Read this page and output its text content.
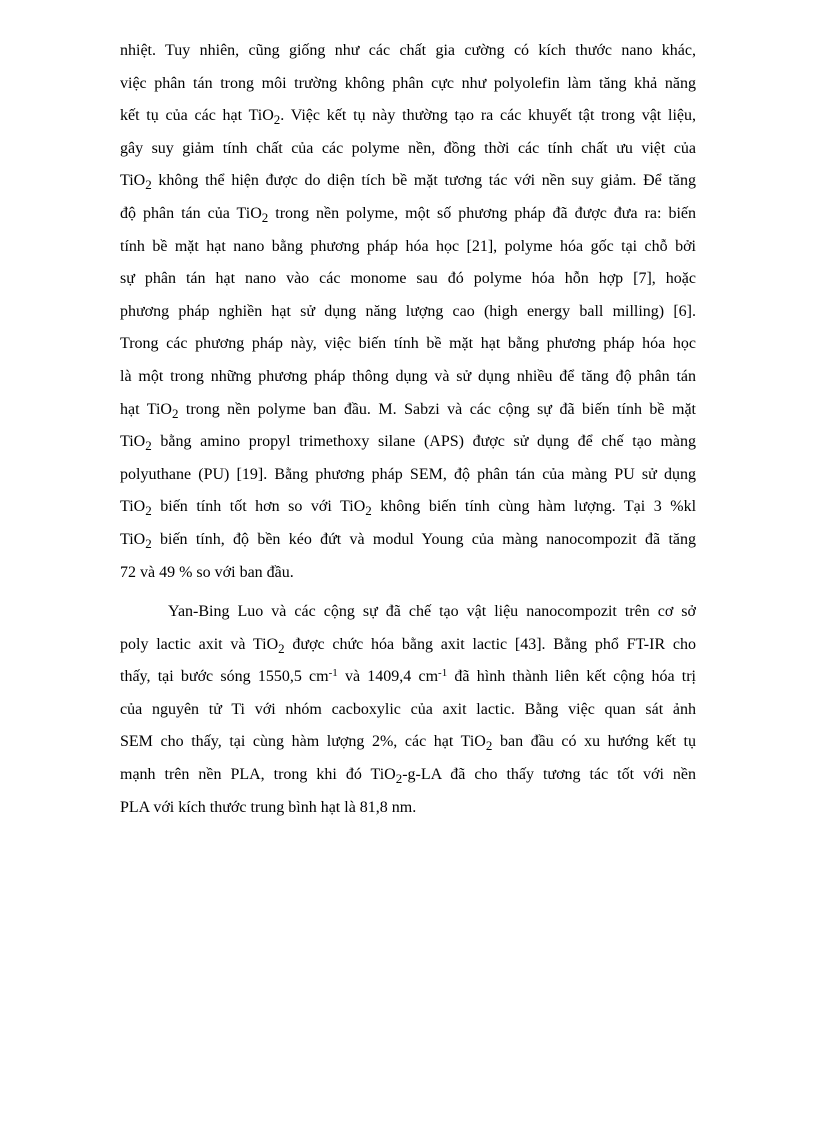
nhiệt. Tuy nhiên, cũng giống như các chất gia cường có kích thước nano khác,
việc phân tán trong môi trường không phân cực như polyolefin làm tăng khả năng
kết tụ của các hạt TiO$_2$. Việc kết tụ này thường tạo ra các khuyết tật trong vật liệu,
gây suy giảm tính chất của các polyme nền, đồng thời các tính chất ưu việt của
TiO$_2$ không thể hiện được do diện tích bề mặt tương tác với nền suy giảm. Để tăng
độ phân tán của TiO$_2$ trong nền polyme, một số phương pháp đã được đưa ra: biến
tính bề mặt hạt nano bằng phương pháp hóa học [21], polyme hóa gốc tại chỗ bởi
sự phân tán hạt nano vào các monome sau đó polyme hóa hỗn hợp [7], hoặc
phương pháp nghiền hạt sử dụng năng lượng cao (high energy ball milling) [6].
Trong các phương pháp này, việc biến tính bề mặt hạt bằng phương pháp hóa học
là một trong những phương pháp thông dụng và sử dụng nhiều để tăng độ phân tán
hạt TiO$_2$ trong nền polyme ban đầu. M. Sabzi và các cộng sự đã biến tính bề mặt
TiO$_2$ bằng amino propyl trimethoxy silane (APS) được sử dụng để chế tạo màng
polyuthane (PU) [19]. Bằng phương pháp SEM, độ phân tán của màng PU sử dụng
TiO$_2$ biến tính tốt hơn so với TiO$_2$ không biến tính cùng hàm lượng. Tại 3 %kl
TiO$_2$ biến tính, độ bền kéo đứt và modul Young của màng nanocompozit đã tăng
72 và 49 % so với ban đầu.
Yan-Bing Luo và các cộng sự đã chế tạo vật liệu nanocompozit trên cơ sở
poly lactic axit và TiO$_2$ được chức hóa bằng axit lactic [43]. Bằng phổ FT-IR cho
thấy, tại bước sóng 1550,5 $cm^{-1}$ và 1409,4 $cm^{-1}$ đã hình thành liên kết cộng hóa trị
của nguyên tử Ti với nhóm cacboxylic của axit lactic. Bằng việc quan sát ảnh
SEM cho thấy, tại cùng hàm lượng 2%, các hạt TiO$_2$ ban đầu có xu hướng kết tụ
mạnh trên nền PLA, trong khi đó TiO$_2$-g-LA đã cho thấy tương tác tốt với nền
PLA với kích thước trung bình hạt là 81,8 nm.
